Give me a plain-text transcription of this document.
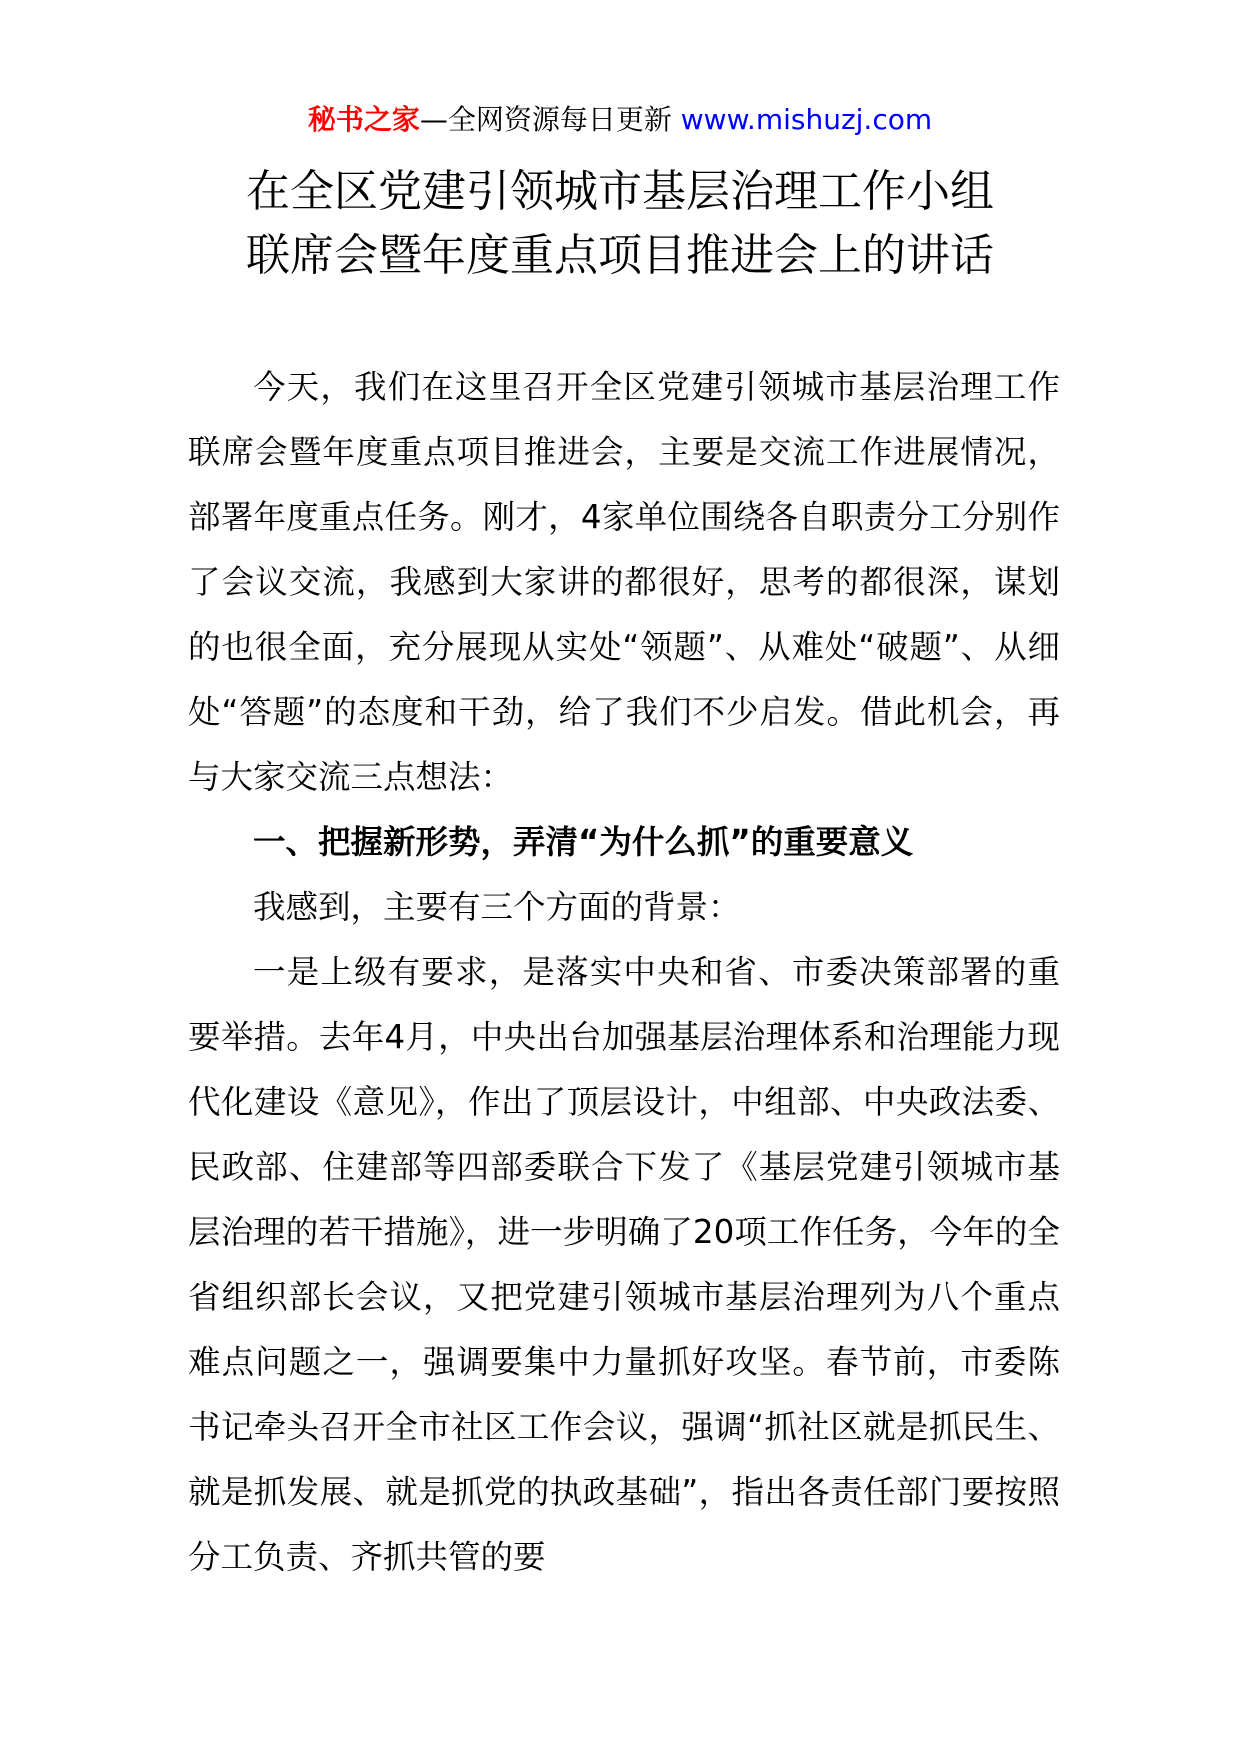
秘书之家—全网资源每日更新 www.mishuzj.com
在全区党建引领城市基层治理工作小组
联席会暨年度重点项目推进会上的讲话

今天，我们在这里召开全区党建引领城市基层治理工作联席会暨年度重点项目推进会，主要是交流工作进展情况，部署年度重点任务。刚才，4家单位围绕各自职责分工分别作了会议交流，我感到大家讲的都很好，思考的都很深，谋划的也很全面，充分展现从实处“领题”、从难处“破题”、从细处“答题”的态度和干劲，给了我们不少启发。借此机会，再与大家交流三点想法：

一、把握新形势，弄清“为什么抓”的重要意义

我感到，主要有三个方面的背景：

一是上级有要求，是落实中央和省、市委决策部署的重要举措。去年4月，中央出台加强基层治理体系和治理能力现代化建设《意见》，作出了顶层设计，中组部、中央政法委、民政部、住建部等四部委联合下发了《基层党建引领城市基层治理的若干措施》，进一步明确了20项工作任务，今年的全省组织部长会议，又把党建引领城市基层治理列为八个重点难点问题之一，强调要集中力量抓好攻坚。春节前，市委陈书记牵头召开全市社区工作会议，强调“抓社区就是抓民生、就是抓发展、就是抓党的执政基础”，指出各责任部门要按照分工负责、齐抓共管的要
